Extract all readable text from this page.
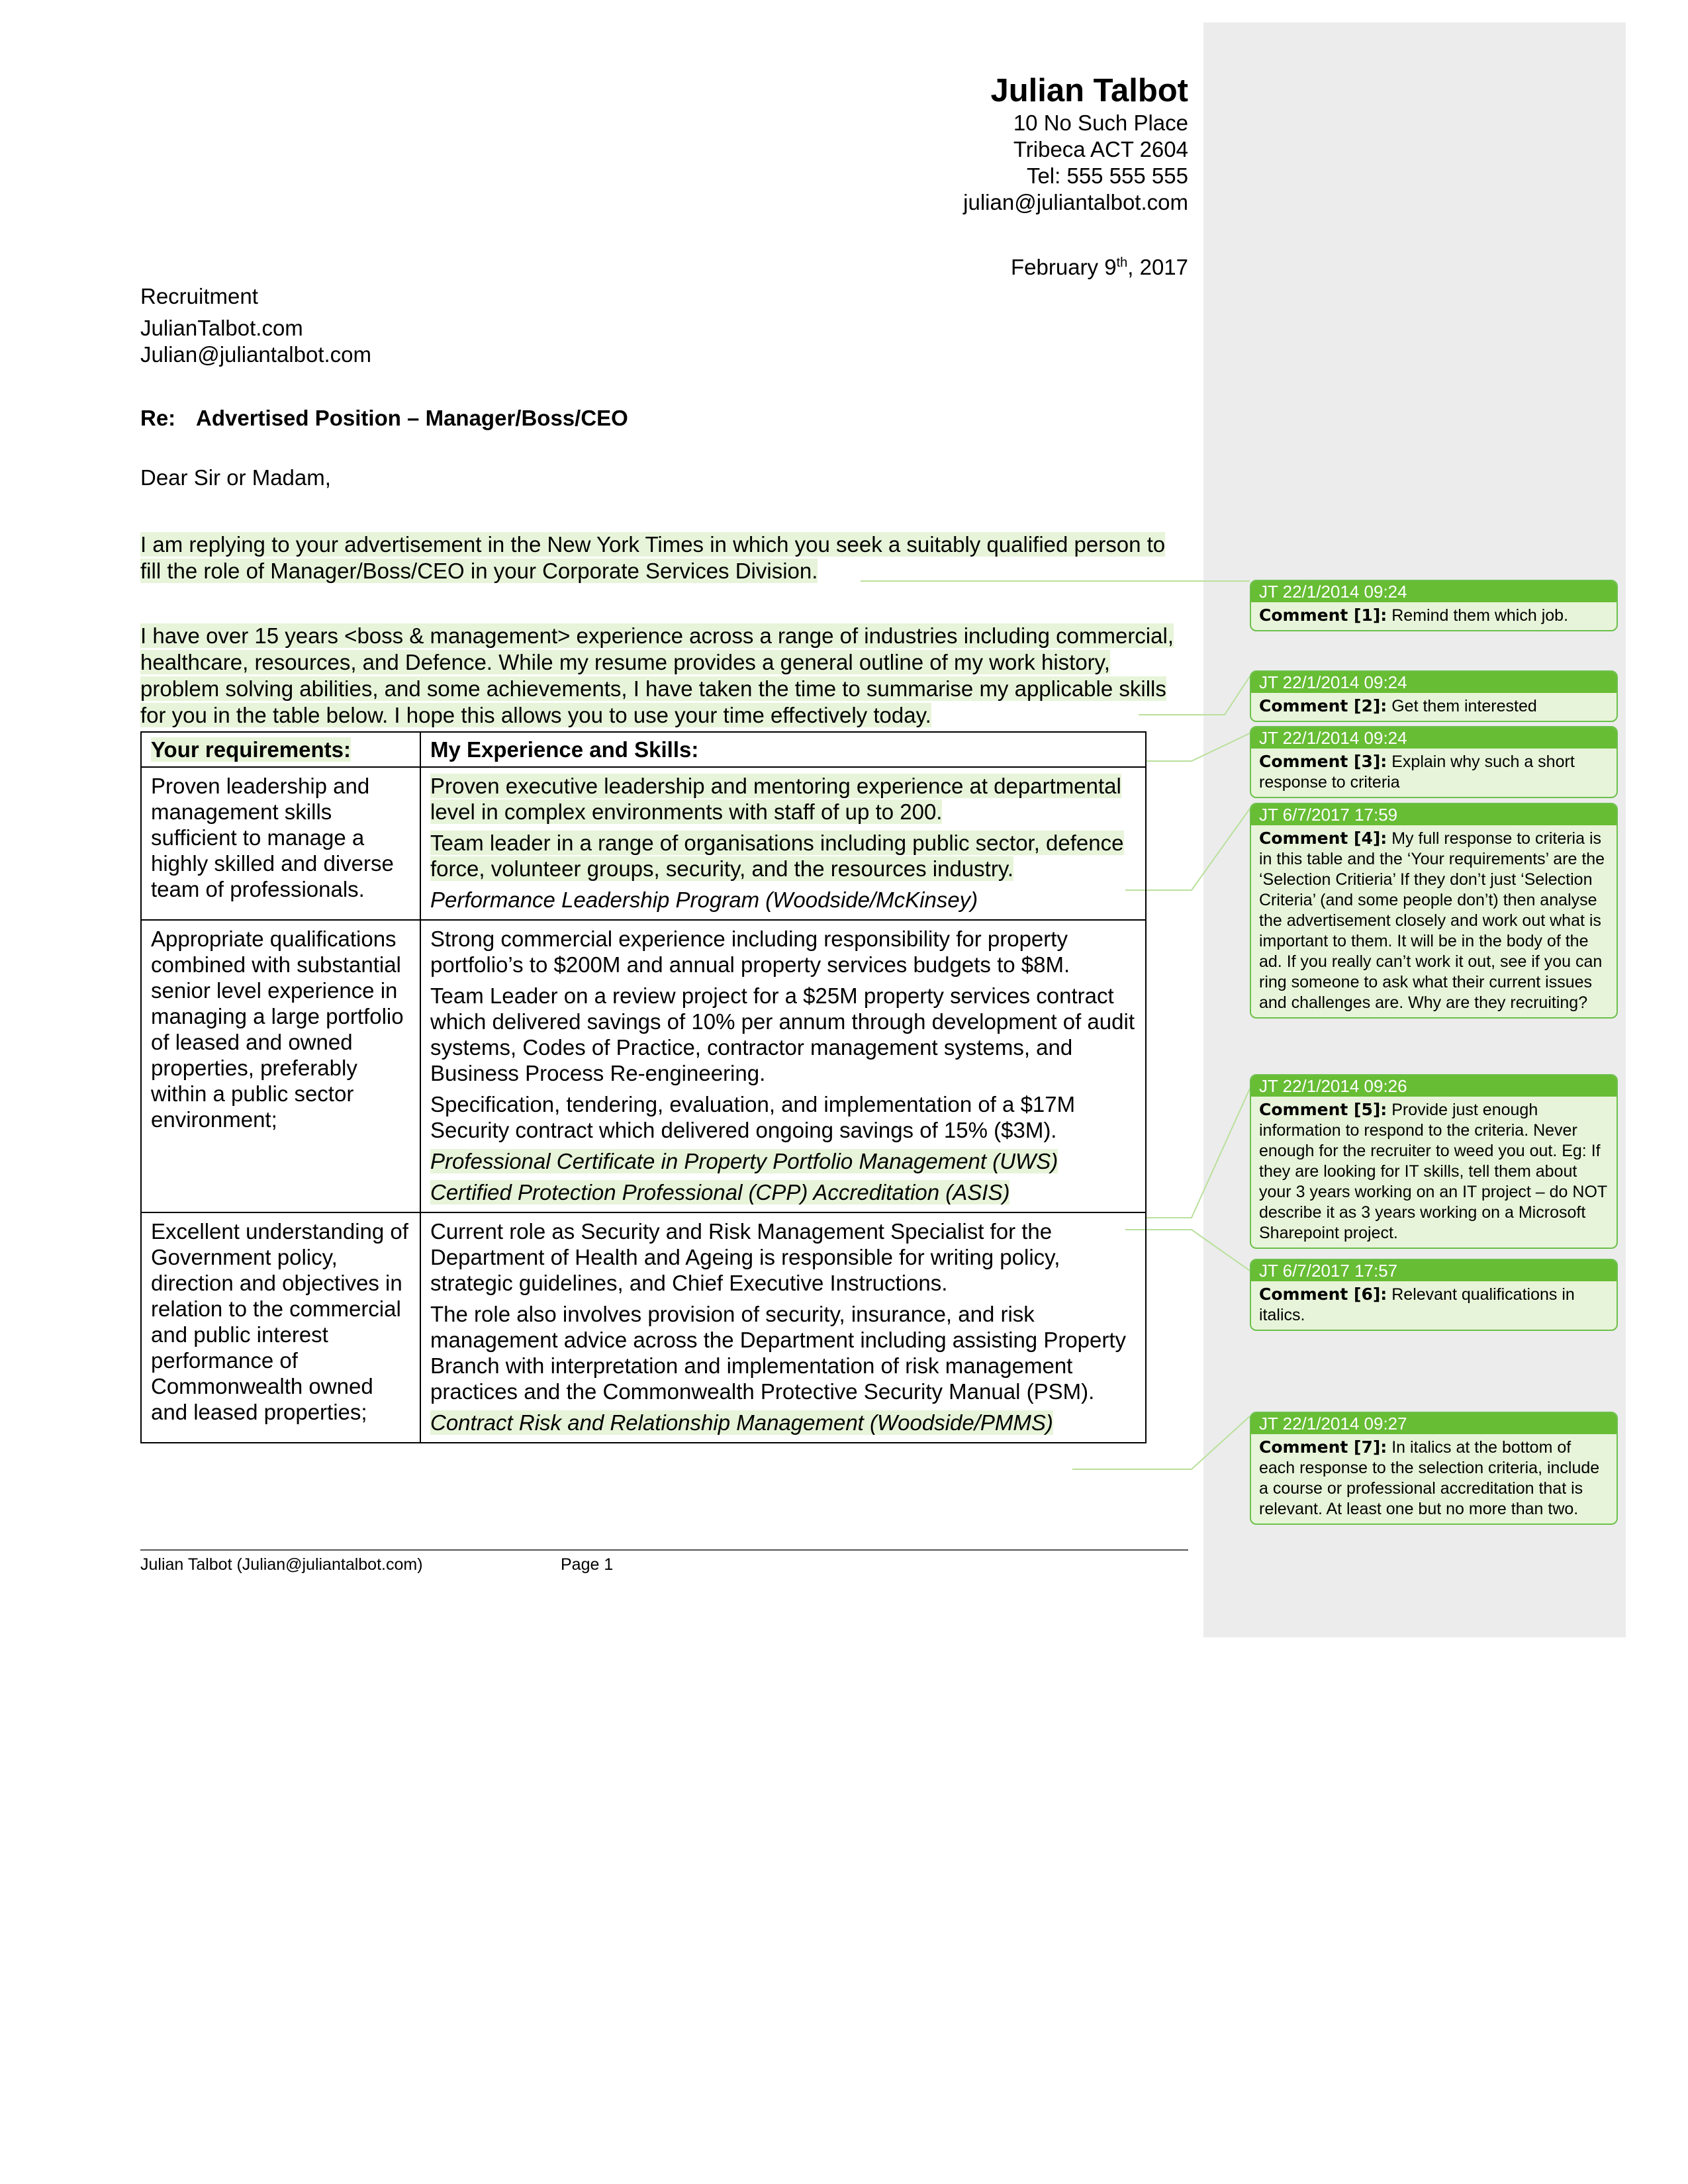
Julian Talbot
10 No Such Place
Tribeca ACT 2604
Tel: 555 555 555
julian@juliantalbot.com
February 9th, 2017
Recruitment
JulianTalbot.com
Julian@juliantalbot.com
Re: Advertised Position – Manager/Boss/CEO
Dear Sir or Madam,
I am replying to your advertisement in the New York Times in which you seek a suitably qualified person to fill the role of Manager/Boss/CEO in your Corporate Services Division.
I have over 15 years <boss & management> experience across a range of industries including commercial, healthcare, resources, and Defence. While my resume provides a general outline of my work history, problem solving abilities, and some achievements, I have taken the time to summarise my applicable skills for you in the table below. I hope this allows you to use your time effectively today.
Your requirements:	My Experience and Skills:
Proven leadership and management skills sufficient to manage a highly skilled and diverse team of professionals.	Proven executive leadership and mentoring experience at departmental level in complex environments with staff of up to 200.
Team leader in a range of organisations including public sector, defence force, volunteer groups, security, and the resources industry.
Performance Leadership Program (Woodside/McKinsey)

Appropriate qualifications combined with substantial senior level experience in managing a large portfolio of leased and owned properties, preferably within a public sector environment;	Strong commercial experience including responsibility for property portfolio’s to $200M and annual property services budgets to $8M.
Team Leader on a review project for a $25M property services contract which delivered savings of 10% per annum through development of audit systems, Codes of Practice, contractor management systems, and Business Process Re-engineering.
Specification, tendering, evaluation, and implementation of a $17M Security contract which delivered ongoing savings of 15% ($3M).
Professional Certificate in Property Portfolio Management (UWS)
Certified Protection Professional (CPP) Accreditation (ASIS)

Excellent understanding of Government policy, direction and objectives in relation to the commercial and public interest performance of Commonwealth owned and leased properties;	Current role as Security and Risk Management Specialist for the Department of Health and Ageing is responsible for writing policy, strategic guidelines, and Chief Executive Instructions.
The role also involves provision of security, insurance, and risk management advice across the Department including assisting Property Branch with interpretation and implementation of risk management practices and the Commonwealth Protective Security Manual (PSM).
Contract Risk and Relationship Management (Woodside/PMMS)
Julian Talbot (Julian@juliantalbot.com)	Page 1
JT 22/1/2014 09:24
Comment [1]: Remind them which job.
JT 22/1/2014 09:24
Comment [2]: Get them interested
JT 22/1/2014 09:24
Comment [3]: Explain why such a short response to criteria
JT 6/7/2017 17:59
Comment [4]: My full response to criteria is in this table and the ‘Your requirements’ are the ‘Selection Critieria’ If they don’t just ‘Selection Criteria’ (and some people don’t) then analyse the advertisement closely and work out what is important to them. It will be in the body of the ad. If you really can’t work it out, see if you can ring someone to ask what their current issues and challenges are. Why are they recruiting?
JT 22/1/2014 09:26
Comment [5]: Provide just enough information to respond to the criteria. Never enough for the recruiter to weed you out. Eg: If they are looking for IT skills, tell them about your 3 years working on an IT project – do NOT describe it as 3 years working on a Microsoft Sharepoint project.
JT 6/7/2017 17:57
Comment [6]: Relevant qualifications in italics.
JT 22/1/2014 09:27
Comment [7]: In italics at the bottom of each response to the selection criteria, include a course or professional accreditation that is relevant. At least one but no more than two.
